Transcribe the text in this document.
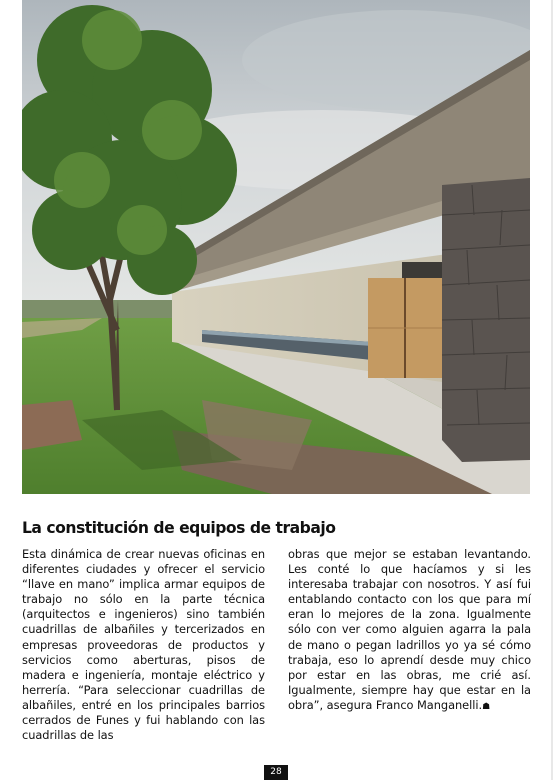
La constitución de equipos de trabajo

Esta dinámica de crear nuevas oficinas en diferentes ciudades y ofrecer el servicio “llave en mano” implica armar equipos de trabajo no sólo en la parte técnica (arquitectos e ingenieros) sino también cuadrillas de albañiles y tercerizados en empresas proveedoras de productos y servicios como aberturas, pisos de madera e ingeniería, montaje eléctrico y herrería. “Para seleccionar cuadrillas de albañiles, entré en los principales barrios cerrados de Funes y fui hablando con las cuadrillas de las

obras que mejor se estaban levantando. Les conté lo que hacíamos y si les interesaba trabajar con nosotros. Y así fui entablando contacto con los que para mí eran lo mejores de la zona. Igualmente sólo con ver como alguien agarra la pala de mano o pegan ladrillos yo ya sé cómo trabaja, eso lo aprendí desde muy chico por estar en las obras, me crié así. Igualmente, siempre hay que estar en la obra”, asegura Franco Manganelli.☗

28
